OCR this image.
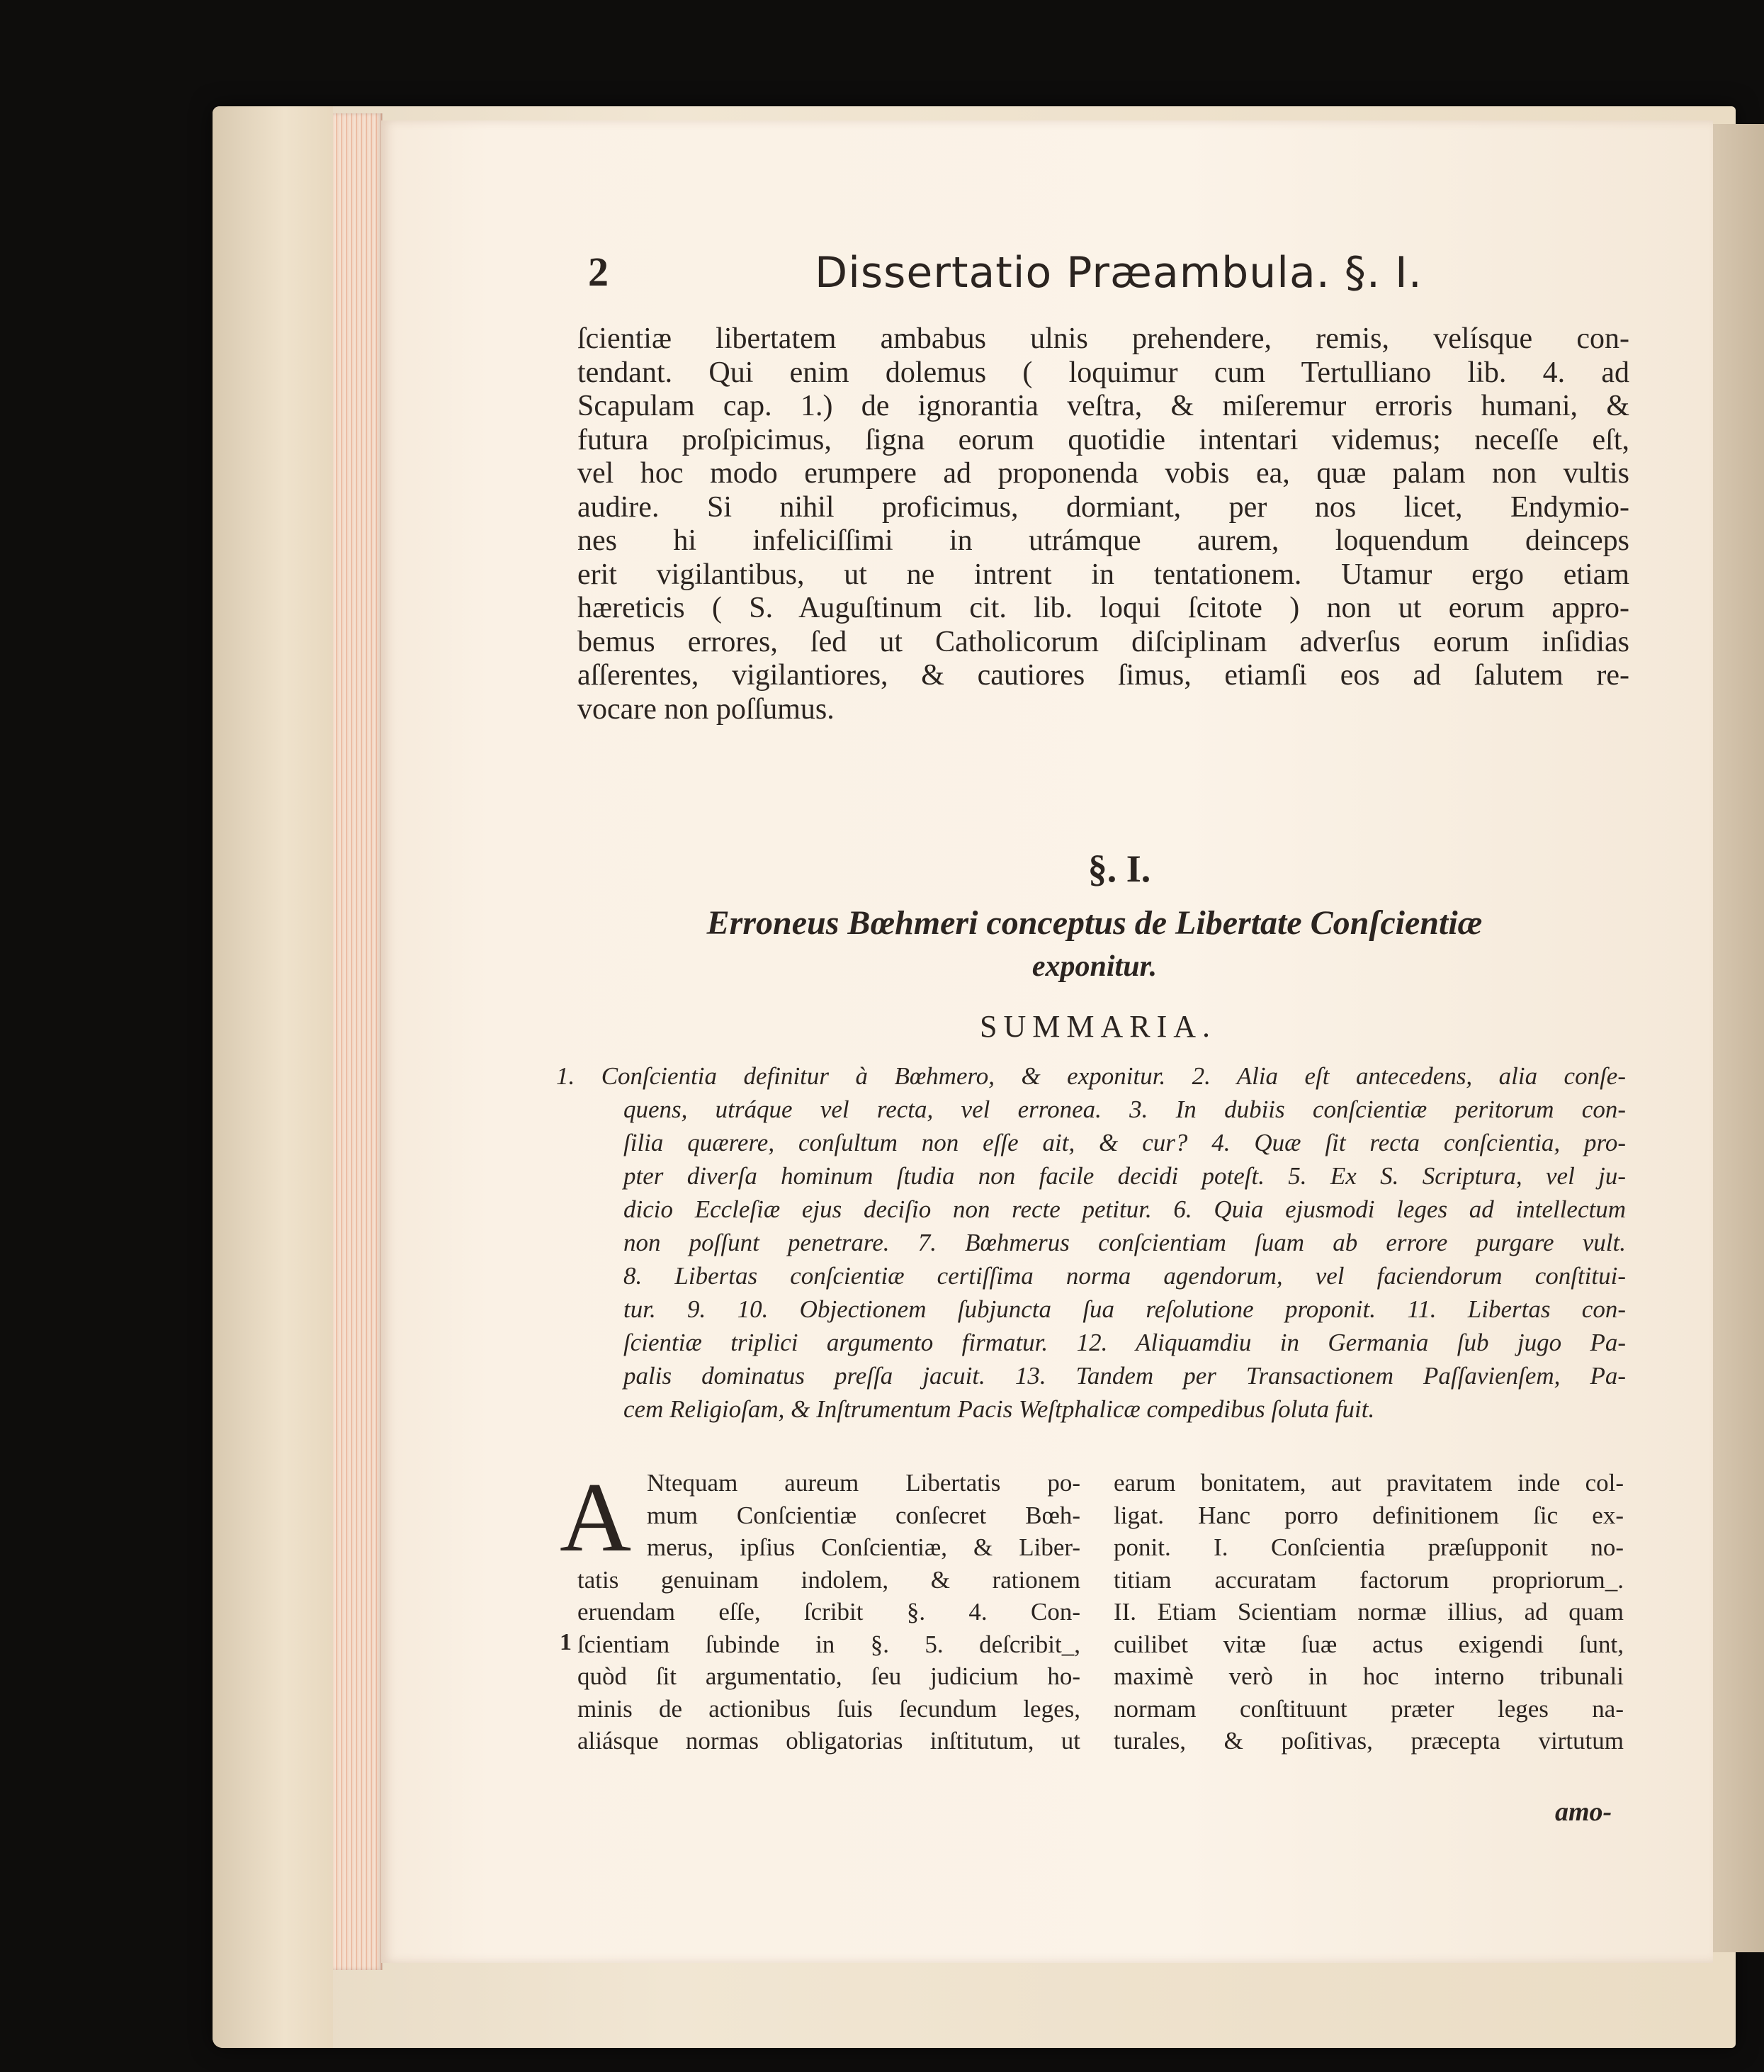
2	Dissertatio Præambula. §. I.
ſcientiæ libertatem ambabus ulnis prehendere, remis, velísque con-
tendant. Qui enim dolemus ( loquimur cum Tertulliano lib. 4. ad
Scapulam cap. 1.) de ignorantia veſtra, & miſeremur erroris humani, &
futura proſpicimus, ſigna eorum quotidie intentari videmus; neceſſe eſt,
vel hoc modo erumpere ad proponenda vobis ea, quæ palam non vultis
audire. Si nihil proficimus, dormiant, per nos licet, Endymio-
nes hi infeliciſſimi in utrámque aurem, loquendum deinceps
erit vigilantibus, ut ne intrent in tentationem. Utamur ergo etiam
hæreticis ( S. Auguſtinum cit. lib. loqui ſcitote ) non ut eorum appro-
bemus errores, ſed ut Catholicorum diſciplinam adverſus eorum inſidias
aſſerentes, vigilantiores, & cautiores ſimus, etiamſi eos ad ſalutem re-
vocare non poſſumus.
§. I.
Erroneus Bœhmeri conceptus de Libertate Conſcientiæ
exponitur.
SUMMARIA.
1. Conſcientia definitur à Bœhmero, & exponitur. 2. Alia eſt antecedens, alia conſe-
quens, utráque vel recta, vel erronea. 3. In dubiis conſcientiæ peritorum con-
ſilia quærere, conſultum non eſſe ait, & cur? 4. Quæ ſit recta conſcientia, pro-
pter diverſa hominum ſtudia non facile decidi poteſt. 5. Ex S. Scriptura, vel ju-
dicio Eccleſiæ ejus deciſio non recte petitur. 6. Quia ejusmodi leges ad intellectum
non poſſunt penetrare. 7. Bœhmerus conſcientiam ſuam ab errore purgare vult.
8. Libertas conſcientiæ certiſſima norma agendorum, vel faciendorum conſtitui-
tur. 9. 10. Objectionem ſubjuncta ſua reſolutione proponit. 11. Libertas con-
ſcientiæ triplici argumento firmatur. 12. Aliquamdiu in Germania ſub jugo Pa-
palis dominatus preſſa jacuit. 13. Tandem per Transactionem Paſſavienſem, Pa-
cem Religioſam, & Inſtrumentum Pacis Weſtphalicæ compedibus ſoluta fuit.
A
1
Ntequam aureum Libertatis po-
mum Conſcientiæ conſecret Bœh-
merus, ipſius Conſcientiæ, & Liber-
tatis genuinam indolem, & rationem
eruendam eſſe, ſcribit §. 4. Con-
ſcientiam ſubinde in §. 5. deſcribit_,
quòd ſit argumentatio, ſeu judicium ho-
minis de actionibus ſuis ſecundum leges,
aliásque normas obligatorias inſtitutum, ut
earum bonitatem, aut pravitatem inde col-
ligat. Hanc porro definitionem ſic ex-
ponit. I. Conſcientia præſupponit no-
titiam accuratam factorum propriorum_.
II. Etiam Scientiam normæ illius, ad quam
cuilibet vitæ ſuæ actus exigendi ſunt,
maximè verò in hoc interno tribunali
normam conſtituunt præter leges na-
turales, & poſitivas, præcepta virtutum
amo-
